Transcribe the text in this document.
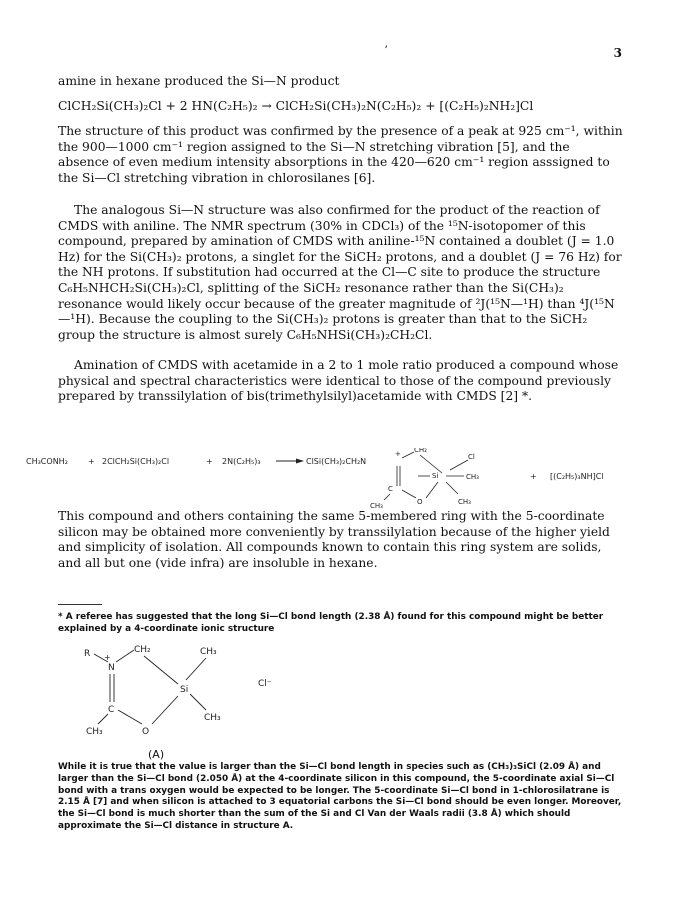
ʼ	3

amine in hexane produced the Si—N product

ClCH₂Si(CH₃)₂Cl + 2 HN(C₂H₅)₂ → ClCH₂Si(CH₃)₂N(C₂H₅)₂ + [(C₂H₅)₂NH₂]Cl

The structure of this product was confirmed by the presence of a peak at 925 cm⁻¹, within the 900—1000 cm⁻¹ region assigned to the Si—N stretching vibration [5], and the absence of even medium intensity absorptions in the 420—620 cm⁻¹ region asssigned to the Si—Cl stretching vibration in chlorosilanes [6].

The analogous Si—N structure was also confirmed for the product of the reaction of CMDS with aniline. The NMR spectrum (30% in CDCl₃) of the ¹⁵N-isotopomer of this compound, prepared by amination of CMDS with aniline-¹⁵N contained a doublet (J = 1.0 Hz) for the Si(CH₃)₂ protons, a singlet for the SiCH₂ protons, and a doublet (J = 76 Hz) for the NH protons. If substitution had occurred at the Cl—C site to produce the structure C₆H₅NHCH₂Si(CH₃)₂Cl, splitting of the SiCH₂ resonance rather than the Si(CH₃)₂ resonance would likely occur because of the greater magnitude of ²J(¹⁵N—¹H) than ⁴J(¹⁵N—¹H). Because the coupling to the Si(CH₃)₂ protons is greater than that to the SiCH₂ group the structure is almost surely C₆H₅NHSi(CH₃)₂CH₂Cl.

Amination of CMDS with acetamide in a 2 to 1 mole ratio produced a compound whose physical and spectral characteristics were identical to those of the compound previously prepared by transsilylation of bis(trimethylsilyl)acetamide with CMDS [2] *.

CH₃CONH₂	+ 2ClCH₂Si(CH₃)₂Cl	+ 2N(C₂H₅)₃	ClSi(CH₃)₂CH₂N
+ CH₂
Cl
Si	CH₃
C
O
CH₃	CH₃
+ [(C₂H₅)₃NH]Cl

This compound and others containing the same 5-membered ring with the 5-coordinate silicon may be obtained more conveniently by transsilylation because of the higher yield and simplicity of isolation. All compounds known to contain this ring system are solids, and all but one (vide infra) are insoluble in hexane.

* A referee has suggested that the long Si—Cl bond length (2.38 Å) found for this compound might be better explained by a 4-coordinate ionic structure
R +
N
CH₂	CH₃
Si
Cl⁻
C
CH₃	O
CH₃
(A)
While it is true that the value is larger than the Si—Cl bond length in species such as (CH₃)₃SiCl (2.09 Å) and larger than the Si—Cl bond (2.050 Å) at the 4-coordinate silicon in this compound, the 5-coordinate axial Si—Cl bond with a trans oxygen would be expected to be longer. The 5-coordinate Si—Cl bond in 1-chlorosilatrane is 2.15 Å [7] and when silicon is attached to 3 equatorial carbons the Si—Cl bond should be even longer. Moreover, the Si—Cl bond is much shorter than the sum of the Si and Cl Van der Waals radii (3.8 Å) which should approximate the Si—Cl distance in structure A.
